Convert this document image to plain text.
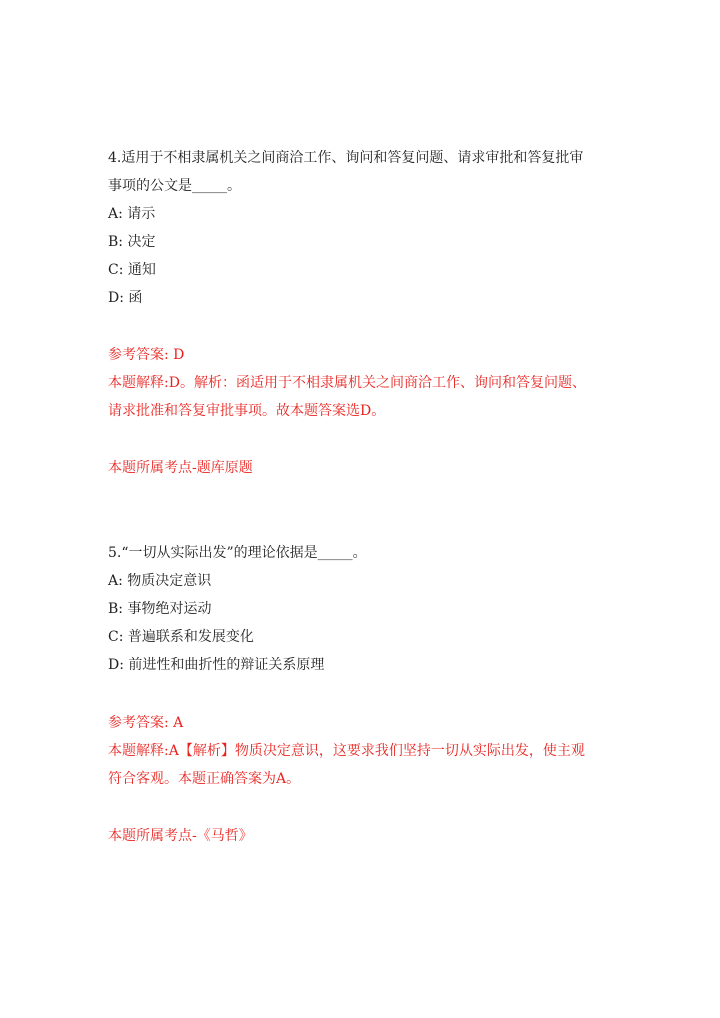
4.适用于不相隶属机关之间商洽工作、询问和答复问题、请求审批和答复批审
事项的公文是_____。
A: 请示
B: 决定
C: 通知
D: 函
参考答案: D
本题解释:D。解析：函适用于不相隶属机关之间商洽工作、询问和答复问题、
请求批准和答复审批事项。故本题答案选D。
本题所属考点-题库原题
5.“一切从实际出发”的理论依据是_____。
A: 物质决定意识
B: 事物绝对运动
C: 普遍联系和发展变化
D: 前进性和曲折性的辩证关系原理
参考答案: A
本题解释:A【解析】物质决定意识，这要求我们坚持一切从实际出发，使主观
符合客观。本题正确答案为A。
本题所属考点-《马哲》
